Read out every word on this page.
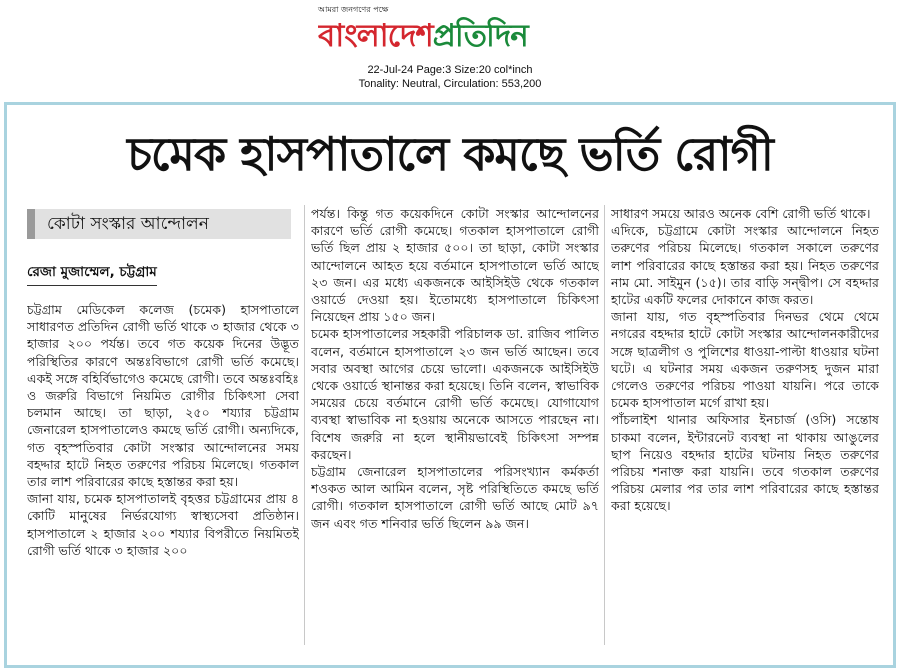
আমরা জনগণের পক্ষে
বাংলাদেশপ্রতিদিন
22-Jul-24 Page:3 Size:20 col*inch
Tonality: Neutral, Circulation: 553,200
চমেক হাসপাতালে কমছে ভর্তি রোগী
কোটা সংস্কার আন্দোলন
রেজা মুজাম্মেল, চট্টগ্রাম

চট্টগ্রাম মেডিকেল কলেজ (চমেক) হাসপাতালে সাধারণত প্রতিদিন রোগী ভর্তি থাকে ৩ হাজার থেকে ৩ হাজার ২০০ পর্যন্ত। তবে গত কয়েক দিনের উদ্ভূত পরিস্থিতির কারণে অন্তঃবিভাগে রোগী ভর্তি কমেছে। একই সঙ্গে বহির্বিভাগেও কমেছে রোগী। তবে অন্তঃবহিঃ ও জরুরি বিভাগে নিয়মিত রোগীর চিকিৎসা সেবা চলমান আছে। তা ছাড়া, ২৫০ শয্যার চট্টগ্রাম জেনারেল হাসপাতালেও কমছে ভর্তি রোগী। অন্যদিকে, গত বৃহস্পতিবার কোটা সংস্কার আন্দোলনের সময় বহদ্দার হাটে নিহত তরুণের পরিচয় মিলেছে। গতকাল তার লাশ পরিবারের কাছে হস্তান্তর করা হয়।

জানা যায়, চমেক হাসপাতালই বৃহত্তর চট্টগ্রামের প্রায় ৪ কোটি মানুষের নির্ভরযোগ্য স্বাস্থ্যসেবা প্রতিষ্ঠান। হাসপাতালে ২ হাজার ২০০ শয্যার বিপরীতে নিয়মিতই রোগী ভর্তি থাকে ৩ হাজার ২০০

পর্যন্ত। কিন্তু গত কয়েকদিনে কোটা সংস্কার আন্দোলনের কারণে ভর্তি রোগী কমেছে। গতকাল হাসপাতালে রোগী ভর্তি ছিল প্রায় ২ হাজার ৫০০। তা ছাড়া, কোটা সংস্কার আন্দোলনে আহত হয়ে বর্তমানে হাসপাতালে ভর্তি আছে ২৩ জন। এর মধ্যে একজনকে আইসিইউ থেকে গতকাল ওয়ার্ডে দেওয়া হয়। ইতোমধ্যে হাসপাতালে চিকিৎসা নিয়েছেন প্রায় ১৫০ জন।

চমেক হাসপাতালের সহকারী পরিচালক ডা. রাজিব পালিত বলেন, বর্তমানে হাসপাতালে ২৩ জন ভর্তি আছেন। তবে সবার অবস্থা আগের চেয়ে ভালো। একজনকে আইসিইউ থেকে ওয়ার্ডে স্থানান্তর করা হয়েছে। তিনি বলেন, স্বাভাবিক সময়ের চেয়ে বর্তমানে রোগী ভর্তি কমেছে। যোগাযোগ ব্যবস্থা স্বাভাবিক না হওয়ায় অনেকে আসতে পারছেন না। বিশেষ জরুরি না হলে স্থানীয়ভাবেই চিকিৎসা সম্পন্ন করছেন।

চট্টগ্রাম জেনারেল হাসপাতালের পরিসংখ্যান কর্মকর্তা শওকত আল আমিন বলেন, সৃষ্ট পরিস্থিতিতে কমছে ভর্তি রোগী। গতকাল হাসপাতালে রোগী ভর্তি আছে মোট ৯৭ জন এবং গত শনিবার ভর্তি ছিলেন ৯৯ জন।

সাধারণ সময়ে আরও অনেক বেশি রোগী ভর্তি থাকে।

এদিকে, চট্টগ্রামে কোটা সংস্কার আন্দোলনে নিহত তরুণের পরিচয় মিলেছে। গতকাল সকালে তরুণের লাশ পরিবারের কাছে হস্তান্তর করা হয়। নিহত তরুণের নাম মো. সাইমুন (১৫)। তার বাড়ি সন্দ্বীপ। সে বহদ্দার হাটের একটি ফলের দোকানে কাজ করত।

জানা যায়, গত বৃহস্পতিবার দিনভর থেমে থেমে নগরের বহদ্দার হাটে কোটা সংস্কার আন্দোলনকারীদের সঙ্গে ছাত্রলীগ ও পুলিশের ধাওয়া-পাল্টা ধাওয়ার ঘটনা ঘটে। এ ঘটনার সময় একজন তরুণসহ দুজন মারা গেলেও তরুণের পরিচয় পাওয়া যায়নি। পরে তাকে চমেক হাসপাতাল মর্গে রাখা হয়।

পাঁচলাইশ থানার অফিসার ইনচার্জ (ওসি) সন্তোষ চাকমা বলেন, ইন্টারনেট ব্যবস্থা না থাকায় আঙুলের ছাপ নিয়েও বহদ্দার হাটের ঘটনায় নিহত তরুণের পরিচয় শনাক্ত করা যায়নি। তবে গতকাল তরুণের পরিচয় মেলার পর তার লাশ পরিবারের কাছে হস্তান্তর করা হয়েছে।
